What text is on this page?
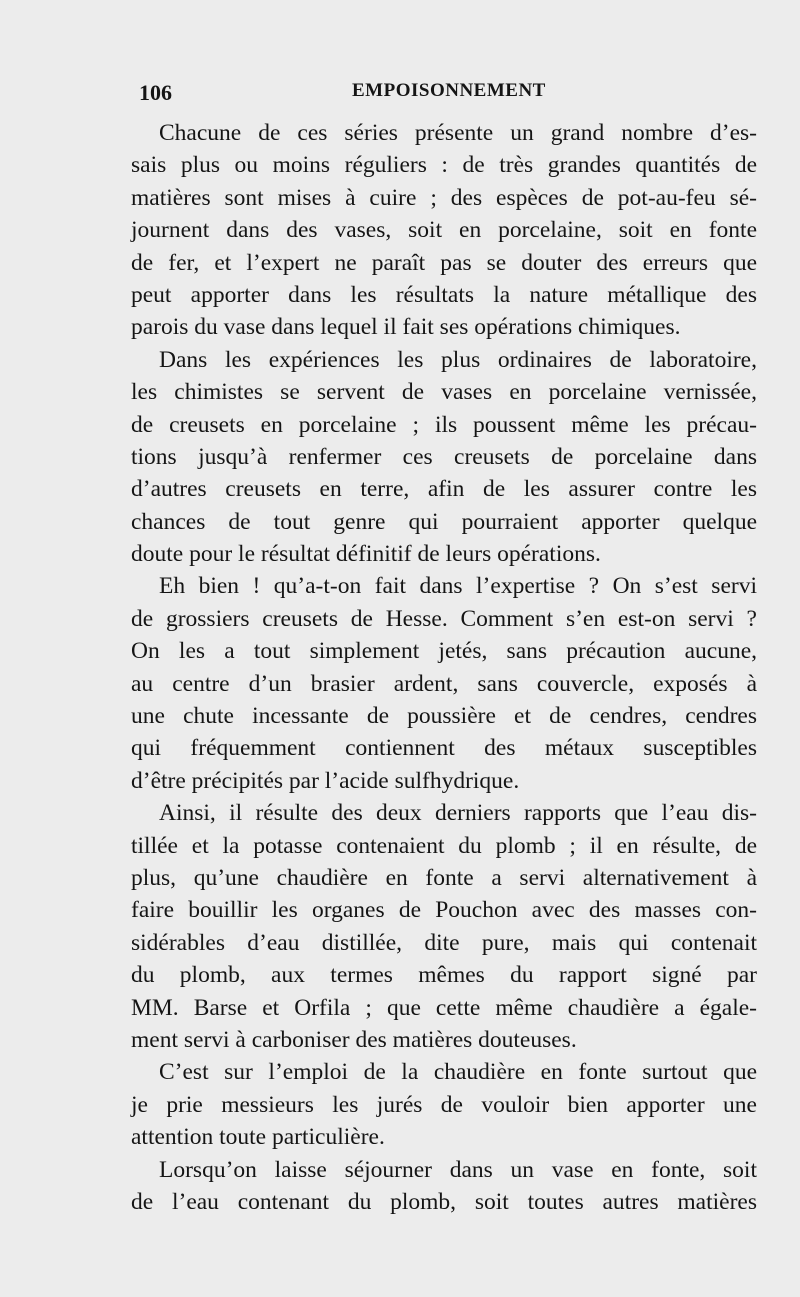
106	EMPOISONNEMENT
Chacune de ces séries présente un grand nombre d’es-
sais plus ou moins réguliers : de très grandes quantités de
matières sont mises à cuire ; des espèces de pot-au-feu sé-
journent dans des vases, soit en porcelaine, soit en fonte
de fer, et l’expert ne paraît pas se douter des erreurs que
peut apporter dans les résultats la nature métallique des
parois du vase dans lequel il fait ses opérations chimiques.
Dans les expériences les plus ordinaires de laboratoire,
les chimistes se servent de vases en porcelaine vernissée,
de creusets en porcelaine ; ils poussent même les précau-
tions jusqu’à renfermer ces creusets de porcelaine dans
d’autres creusets en terre, afin de les assurer contre les
chances de tout genre qui pourraient apporter quelque
doute pour le résultat définitif de leurs opérations.
Eh bien ! qu’a-t-on fait dans l’expertise ? On s’est servi
de grossiers creusets de Hesse. Comment s’en est-on servi ?
On les a tout simplement jetés, sans précaution aucune,
au centre d’un brasier ardent, sans couvercle, exposés à
une chute incessante de poussière et de cendres, cendres
qui fréquemment contiennent des métaux susceptibles
d’être précipités par l’acide sulfhydrique.
Ainsi, il résulte des deux derniers rapports que l’eau dis-
tillée et la potasse contenaient du plomb ; il en résulte, de
plus, qu’une chaudière en fonte a servi alternativement à
faire bouillir les organes de Pouchon avec des masses con-
sidérables d’eau distillée, dite pure, mais qui contenait
du plomb, aux termes mêmes du rapport signé par
MM. Barse et Orfila ; que cette même chaudière a égale-
ment servi à carboniser des matières douteuses.
C’est sur l’emploi de la chaudière en fonte surtout que
je prie messieurs les jurés de vouloir bien apporter une
attention toute particulière.
Lorsqu’on laisse séjourner dans un vase en fonte, soit
de l’eau contenant du plomb, soit toutes autres matières
